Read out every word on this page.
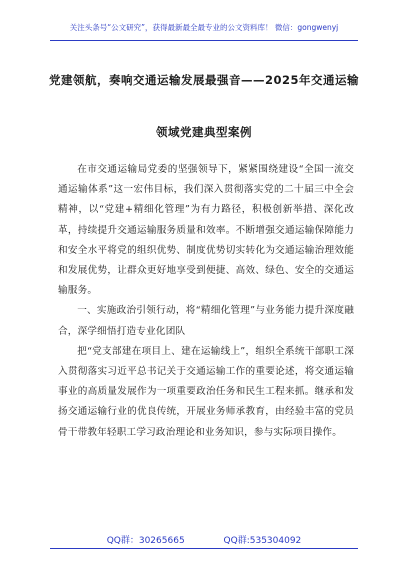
关注头条号“公文研究”，获得最新最全最专业的公文资料库！ 微信：gongwenyj
党建领航，奏响交通运输发展最强音——2025年交通运输
领域党建典型案例

在市交通运输局党委的坚强领导下，紧紧围绕建设“全国一流交通运输体系”这一宏伟目标，我们深入贯彻落实党的二十届三中全会精神，以“党建+精细化管理”为有力路径，积极创新举措、深化改革，持续提升交通运输服务质量和效率。不断增强交通运输保障能力和安全水平将党的组织优势、制度优势切实转化为交通运输治理效能和发展优势，让群众更好地享受到便捷、高效、绿色、安全的交通运输服务。

一、实施政治引领行动，将“精细化管理”与业务能力提升深度融合，深学细悟打造专业化团队

把“党支部建在项目上、建在运输线上”，组织全系统干部职工深入贯彻落实习近平总书记关于交通运输工作的重要论述，将交通运输事业的高质量发展作为一项重要政治任务和民生工程来抓。继承和发扬交通运输行业的优良传统，开展业务师承教育，由经验丰富的党员骨干带教年轻职工学习政治理论和业务知识，参与实际项目操作。

QQ群：30265665	QQ群:535304092
